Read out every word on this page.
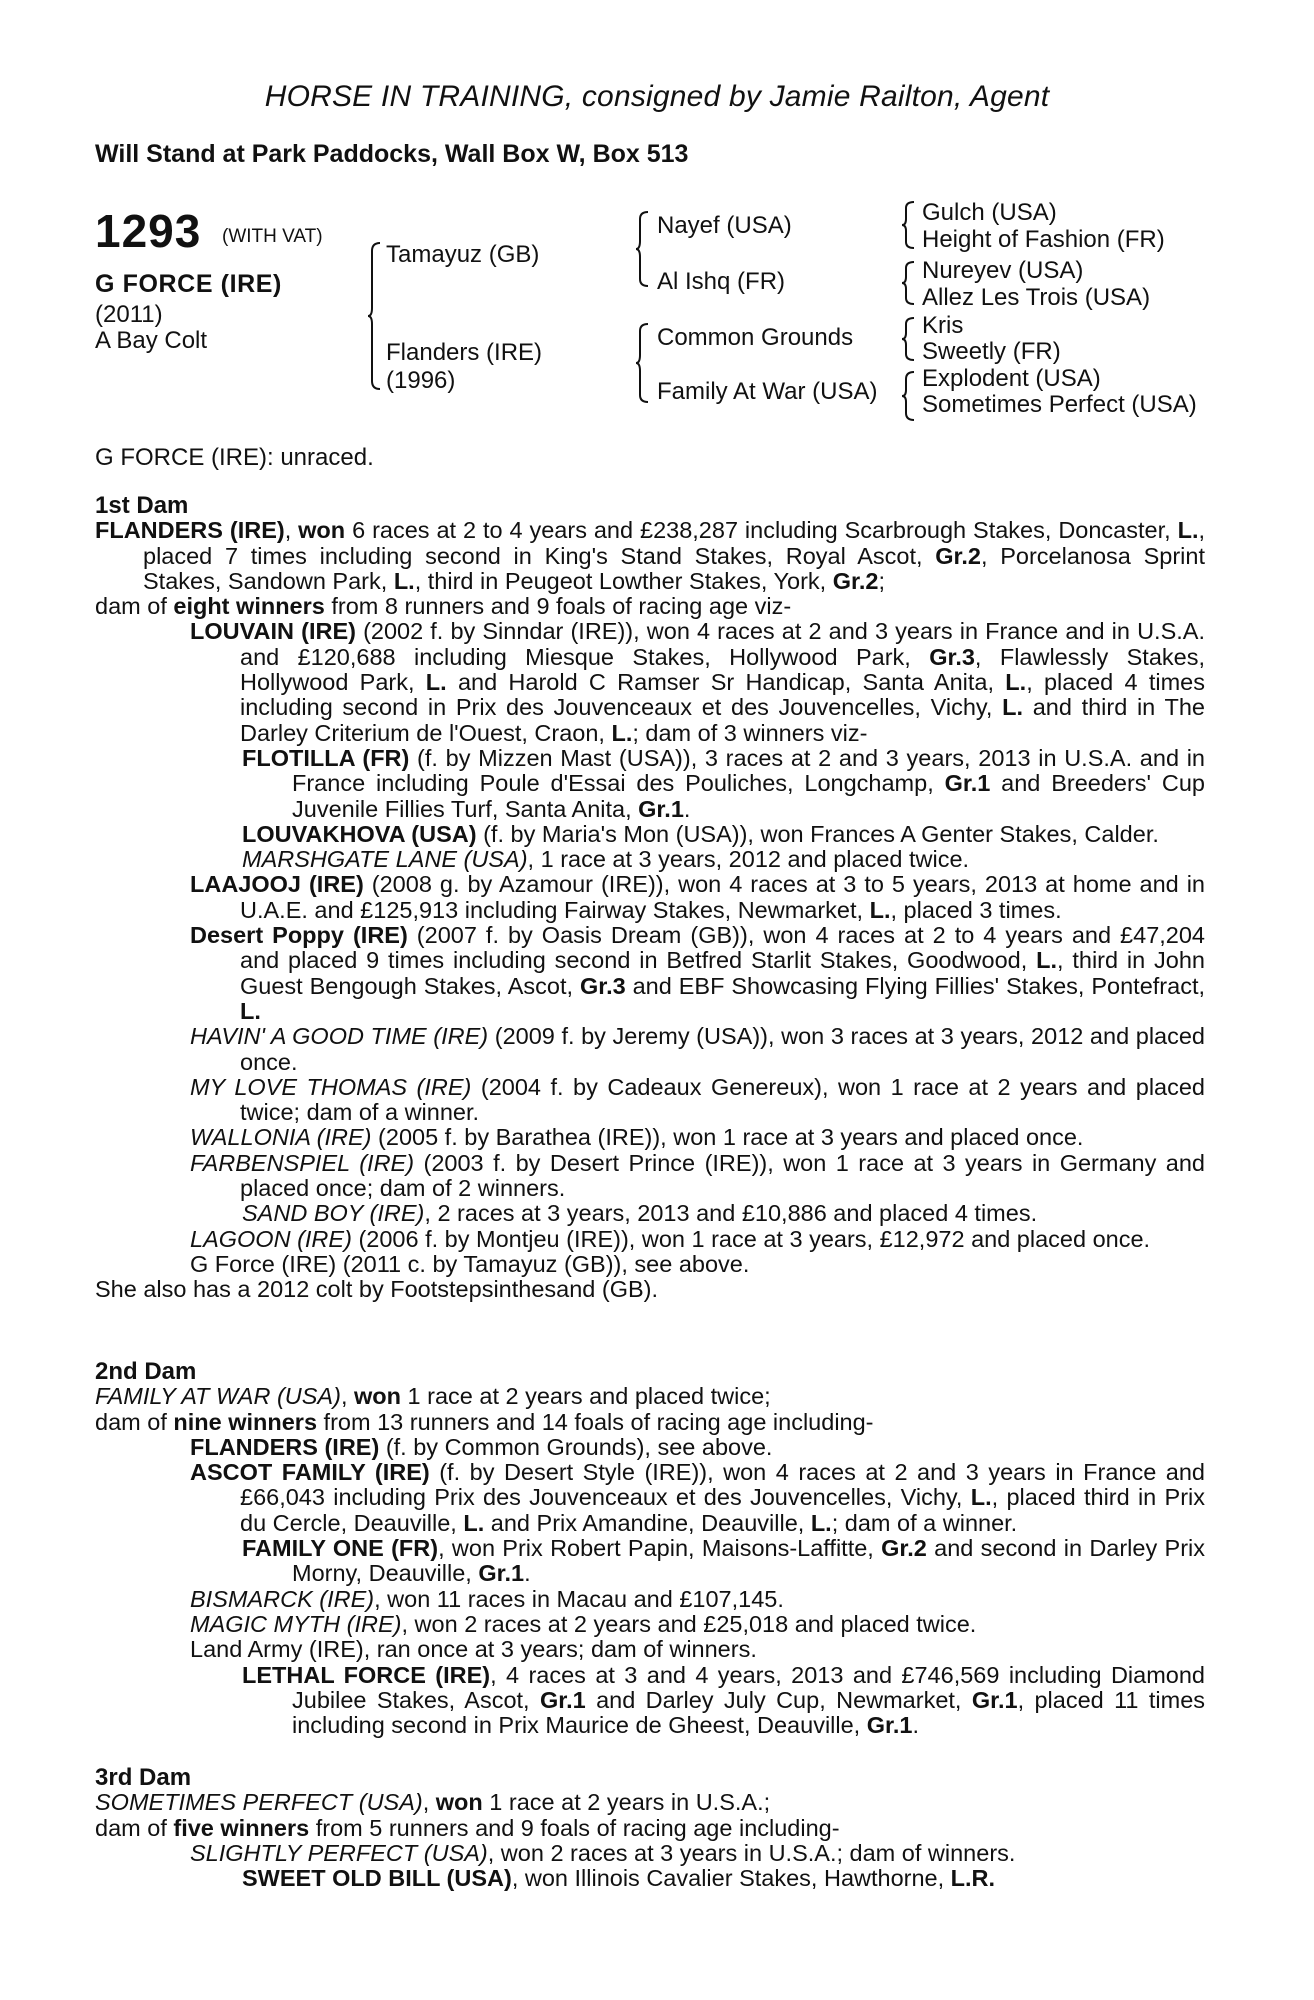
HORSE IN TRAINING, consigned by Jamie Railton, Agent
Will Stand at Park Paddocks, Wall Box W, Box 513
1293 (WITH VAT)
G FORCE (IRE)
(2011)
A Bay Colt
Tamayuz (GB)
Flanders (IRE)
(1996)
Nayef (USA)
Al Ishq (FR)
Common Grounds
Family At War (USA)
Gulch (USA)
Height of Fashion (FR)
Nureyev (USA)
Allez Les Trois (USA)
Kris
Sweetly (FR)
Explodent (USA)
Sometimes Perfect (USA)
G FORCE (IRE): unraced.
1st Dam

FLANDERS (IRE), won 6 races at 2 to 4 years and £238,287 including Scarbrough Stakes, Doncaster, L., placed 7 times including second in King's Stand Stakes, Royal Ascot, Gr.2, Porcelanosa Sprint Stakes, Sandown Park, L., third in Peugeot Lowther Stakes, York, Gr.2;

dam of eight winners from 8 runners and 9 foals of racing age viz-

LOUVAIN (IRE) (2002 f. by Sinndar (IRE)), won 4 races at 2 and 3 years in France and in U.S.A. and £120,688 including Miesque Stakes, Hollywood Park, Gr.3, Flawlessly Stakes, Hollywood Park, L. and Harold C Ramser Sr Handicap, Santa Anita, L., placed 4 times including second in Prix des Jouvenceaux et des Jouvencelles, Vichy, L. and third in The Darley Criterium de l'Ouest, Craon, L.; dam of 3 winners viz-

FLOTILLA (FR) (f. by Mizzen Mast (USA)), 3 races at 2 and 3 years, 2013 in U.S.A. and in France including Poule d'Essai des Pouliches, Longchamp, Gr.1 and Breeders' Cup Juvenile Fillies Turf, Santa Anita, Gr.1.

LOUVAKHOVA (USA) (f. by Maria's Mon (USA)), won Frances A Genter Stakes, Calder.

MARSHGATE LANE (USA), 1 race at 3 years, 2012 and placed twice.

LAAJOOJ (IRE) (2008 g. by Azamour (IRE)), won 4 races at 3 to 5 years, 2013 at home and in U.A.E. and £125,913 including Fairway Stakes, Newmarket, L., placed 3 times.

Desert Poppy (IRE) (2007 f. by Oasis Dream (GB)), won 4 races at 2 to 4 years and £47,204 and placed 9 times including second in Betfred Starlit Stakes, Goodwood, L., third in John Guest Bengough Stakes, Ascot, Gr.3 and EBF Showcasing Flying Fillies' Stakes, Pontefract, L.

HAVIN' A GOOD TIME (IRE) (2009 f. by Jeremy (USA)), won 3 races at 3 years, 2012 and placed once.

MY LOVE THOMAS (IRE) (2004 f. by Cadeaux Genereux), won 1 race at 2 years and placed twice; dam of a winner.

WALLONIA (IRE) (2005 f. by Barathea (IRE)), won 1 race at 3 years and placed once.

FARBENSPIEL (IRE) (2003 f. by Desert Prince (IRE)), won 1 race at 3 years in Germany and placed once; dam of 2 winners.

SAND BOY (IRE), 2 races at 3 years, 2013 and £10,886 and placed 4 times.

LAGOON (IRE) (2006 f. by Montjeu (IRE)), won 1 race at 3 years, £12,972 and placed once.

G Force (IRE) (2011 c. by Tamayuz (GB)), see above.

She also has a 2012 colt by Footstepsinthesand (GB).

2nd Dam

FAMILY AT WAR (USA), won 1 race at 2 years and placed twice;

dam of nine winners from 13 runners and 14 foals of racing age including-

FLANDERS (IRE) (f. by Common Grounds), see above.

ASCOT FAMILY (IRE) (f. by Desert Style (IRE)), won 4 races at 2 and 3 years in France and £66,043 including Prix des Jouvenceaux et des Jouvencelles, Vichy, L., placed third in Prix du Cercle, Deauville, L. and Prix Amandine, Deauville, L.; dam of a winner.

FAMILY ONE (FR), won Prix Robert Papin, Maisons-Laffitte, Gr.2 and second in Darley Prix Morny, Deauville, Gr.1.

BISMARCK (IRE), won 11 races in Macau and £107,145.

MAGIC MYTH (IRE), won 2 races at 2 years and £25,018 and placed twice.

Land Army (IRE), ran once at 3 years; dam of winners.

LETHAL FORCE (IRE), 4 races at 3 and 4 years, 2013 and £746,569 including Diamond Jubilee Stakes, Ascot, Gr.1 and Darley July Cup, Newmarket, Gr.1, placed 11 times including second in Prix Maurice de Gheest, Deauville, Gr.1.

3rd Dam

SOMETIMES PERFECT (USA), won 1 race at 2 years in U.S.A.;

dam of five winners from 5 runners and 9 foals of racing age including-

SLIGHTLY PERFECT (USA), won 2 races at 3 years in U.S.A.; dam of winners.

SWEET OLD BILL (USA), won Illinois Cavalier Stakes, Hawthorne, L.R.
